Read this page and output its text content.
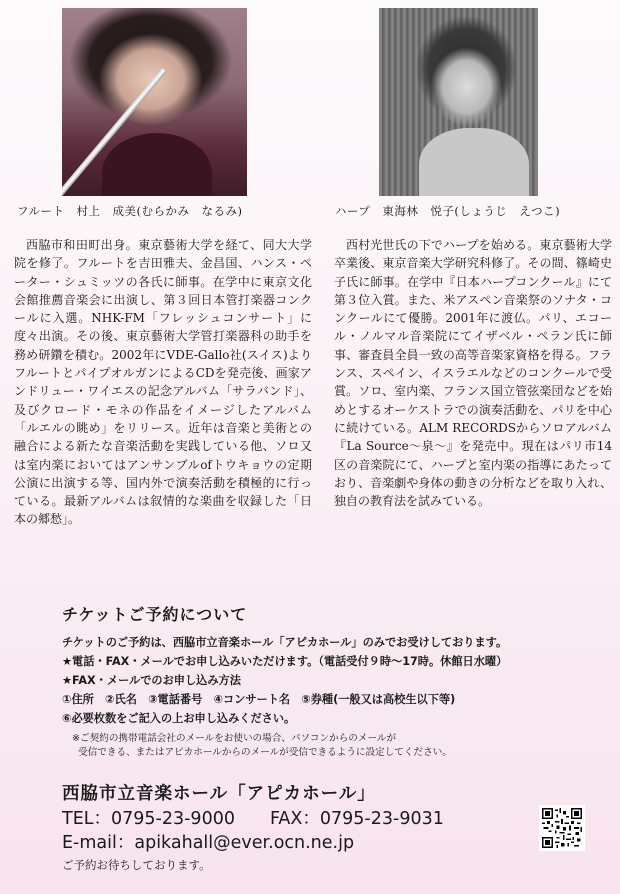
フルート　村上　成美(むらかみ　なるみ)	ハープ　東海林　悦子(しょうじ　えつこ)

西脇市和田町出身。東京藝術大学を経て、同大大学院を修了。フルートを吉田雅夫、金昌国、ハンス・ペーター・シュミッツの各氏に師事。在学中に東京文化会館推薦音楽会に出演し、第３回日本管打楽器コンクールに入選。NHK-FM「フレッシュコンサート」に度々出演。その後、東京藝術大学管打楽器科の助手を務め研鑽を積む。2002年にVDE-Gallo社(スイス)よりフルートとパイプオルガンによるCDを発売後、画家アンドリュー・ワイエスの記念アルバム「サラバンド」、及びクロード・モネの作品をイメージしたアルバム「ルエルの眺め」をリリース。近年は音楽と美術との融合による新たな音楽活動を実践している他、ソロ又は室内楽においてはアンサンブルofトウキョウの定期公演に出演する等、国内外で演奏活動を積極的に行っている。最新アルバムは叙情的な楽曲を収録した「日本の郷愁」。

西村光世氏の下でハープを始める。東京藝術大学卒業後、東京音楽大学研究科修了。その間、篠崎史子氏に師事。在学中『日本ハープコンクール』にて第３位入賞。また、米アスペン音楽祭のソナタ・コンクールにて優勝。2001年に渡仏。パリ、エコール・ノルマル音楽院にてイザベル・ペラン氏に師事、審査員全員一致の高等音楽家資格を得る。フランス、スペイン、イスラエルなどのコンクールで受賞。ソロ、室内楽、フランス国立管弦楽団などを始めとするオーケストラでの演奏活動を、パリを中心に続けている。ALM RECORDSからソロアルバム『La Source～泉～』を発売中。現在はパリ市14区の音楽院にて、ハープと室内楽の指導にあたっており、音楽劇や身体の動きの分析などを取り入れ、独自の教育法を試みている。

チケットご予約について
チケットのご予約は、西脇市立音楽ホール「アピカホール」のみでお受けしております。
★電話・FAX・メールでお申し込みいただけます。（電話受付９時～17時。休館日水曜）
★FAX・メールでのお申し込み方法
①住所　②氏名　③電話番号　④コンサート名　⑤券種(一般又は高校生以下等)
⑥必要枚数をご記入の上お申し込みください。
※ご契約の携帯電話会社のメールをお使いの場合、パソコンからのメールが
受信できる、またはアピカホールからのメールが受信できるように設定してください。
西脇市立音楽ホール「アピカホール」
TEL：0795-23-9000　　FAX：0795-23-9031
E-mail：apikahall@ever.ocn.ne.jp
ご予約お待ちしております。
